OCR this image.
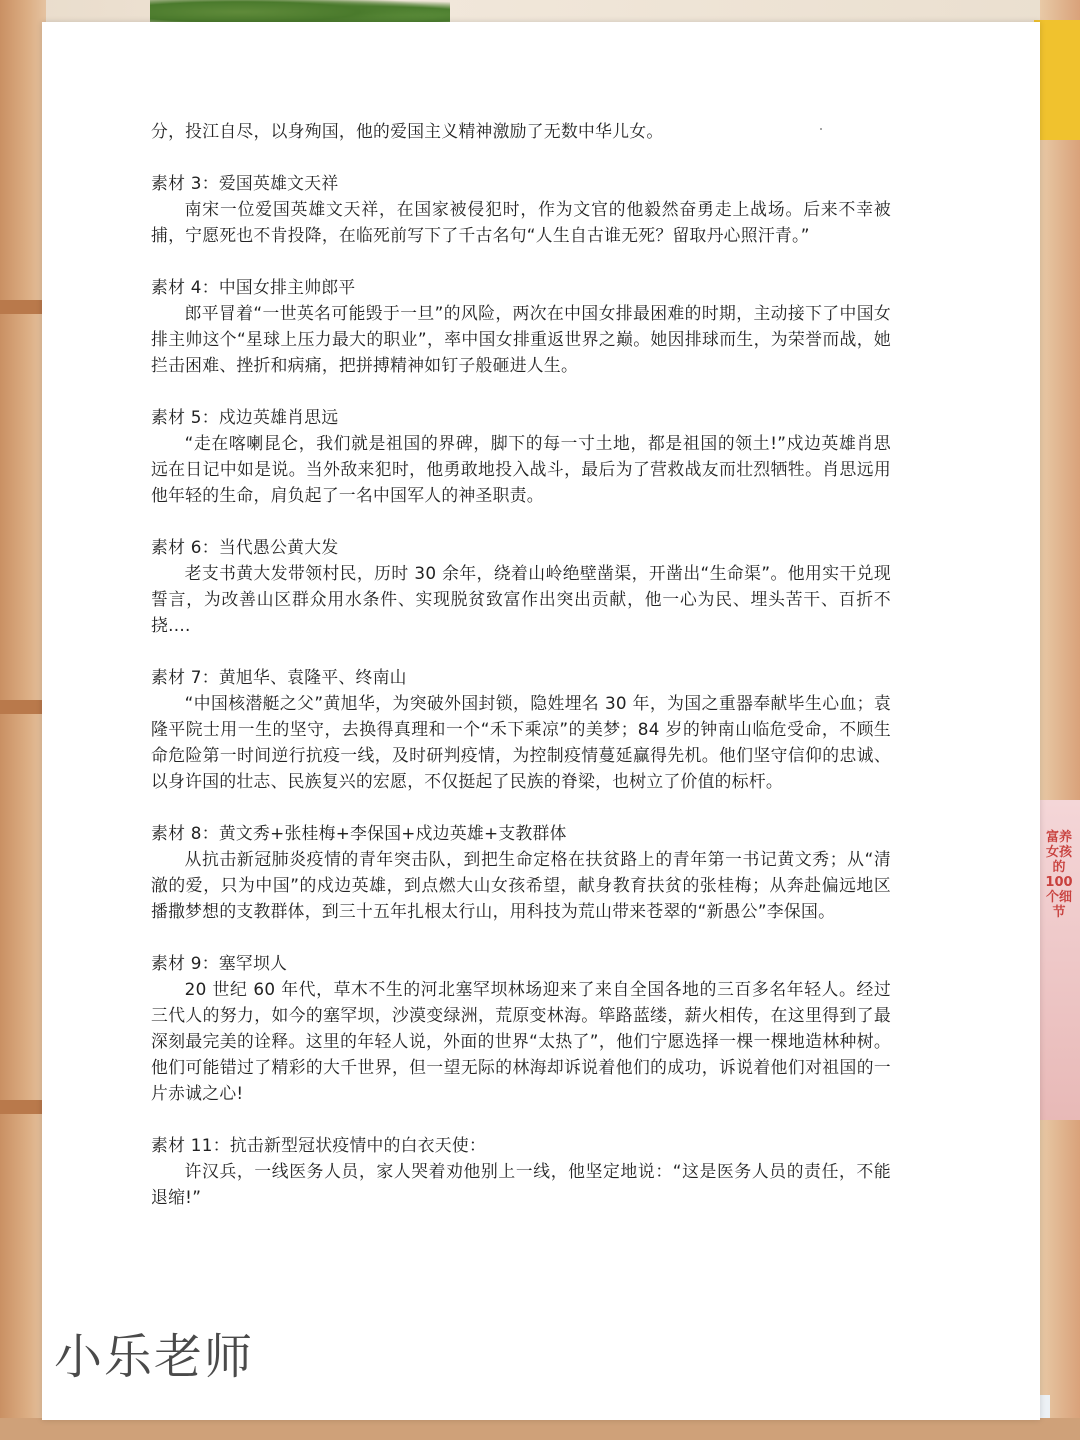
富养女孩的100个细节

分，投江自尽，以身殉国，他的爱国主义精神激励了无数中华儿女。

素材 3：爱国英雄文天祥

南宋一位爱国英雄文天祥，在国家被侵犯时，作为文官的他毅然奋勇走上战场。后来不幸被捕，宁愿死也不肯投降，在临死前写下了千古名句“人生自古谁无死？留取丹心照汗青。”

素材 4：中国女排主帅郎平

郎平冒着“一世英名可能毁于一旦”的风险，两次在中国女排最困难的时期，主动接下了中国女排主帅这个“星球上压力最大的职业”，率中国女排重返世界之巅。她因排球而生，为荣誉而战，她拦击困难、挫折和病痛，把拼搏精神如钉子般砸进人生。

素材 5：戍边英雄肖思远

“走在喀喇昆仑，我们就是祖国的界碑，脚下的每一寸土地，都是祖国的领土!”戍边英雄肖思远在日记中如是说。当外敌来犯时，他勇敢地投入战斗，最后为了营救战友而壮烈牺牲。肖思远用他年轻的生命，肩负起了一名中国军人的神圣职责。

素材 6：当代愚公黄大发

老支书黄大发带领村民，历时 30 余年，绕着山岭绝壁凿渠，开凿出“生命渠”。他用实干兑现誓言，为改善山区群众用水条件、实现脱贫致富作出突出贡献，他一心为民、埋头苦干、百折不挠....

素材 7：黄旭华、袁隆平、终南山

“中国核潜艇之父”黄旭华，为突破外国封锁，隐姓埋名 30 年，为国之重器奉献毕生心血；袁隆平院士用一生的坚守，去换得真理和一个“禾下乘凉”的美梦；84 岁的钟南山临危受命，不顾生命危险第一时间逆行抗疫一线，及时研判疫情，为控制疫情蔓延赢得先机。他们坚守信仰的忠诚、以身许国的壮志、民族复兴的宏愿，不仅挺起了民族的脊梁，也树立了价值的标杆。

素材 8：黄文秀+张桂梅+李保国+戍边英雄+支教群体

从抗击新冠肺炎疫情的青年突击队，到把生命定格在扶贫路上的青年第一书记黄文秀；从“清澈的爱，只为中国”的戍边英雄，到点燃大山女孩希望，献身教育扶贫的张桂梅；从奔赴偏远地区播撒梦想的支教群体，到三十五年扎根太行山，用科技为荒山带来苍翠的“新愚公”李保国。

素材 9：塞罕坝人

20 世纪 60 年代，草木不生的河北塞罕坝林场迎来了来自全国各地的三百多名年轻人。经过三代人的努力，如今的塞罕坝，沙漠变绿洲，荒原变林海。筚路蓝缕，薪火相传，在这里得到了最深刻最完美的诠释。这里的年轻人说，外面的世界“太热了”，他们宁愿选择一棵一棵地造林种树。他们可能错过了精彩的大千世界，但一望无际的林海却诉说着他们的成功，诉说着他们对祖国的一片赤诚之心!

素材 11：抗击新型冠状疫情中的白衣天使：

许汉兵，一线医务人员，家人哭着劝他别上一线，他坚定地说：“这是医务人员的责任，不能退缩!”

小乐老师
